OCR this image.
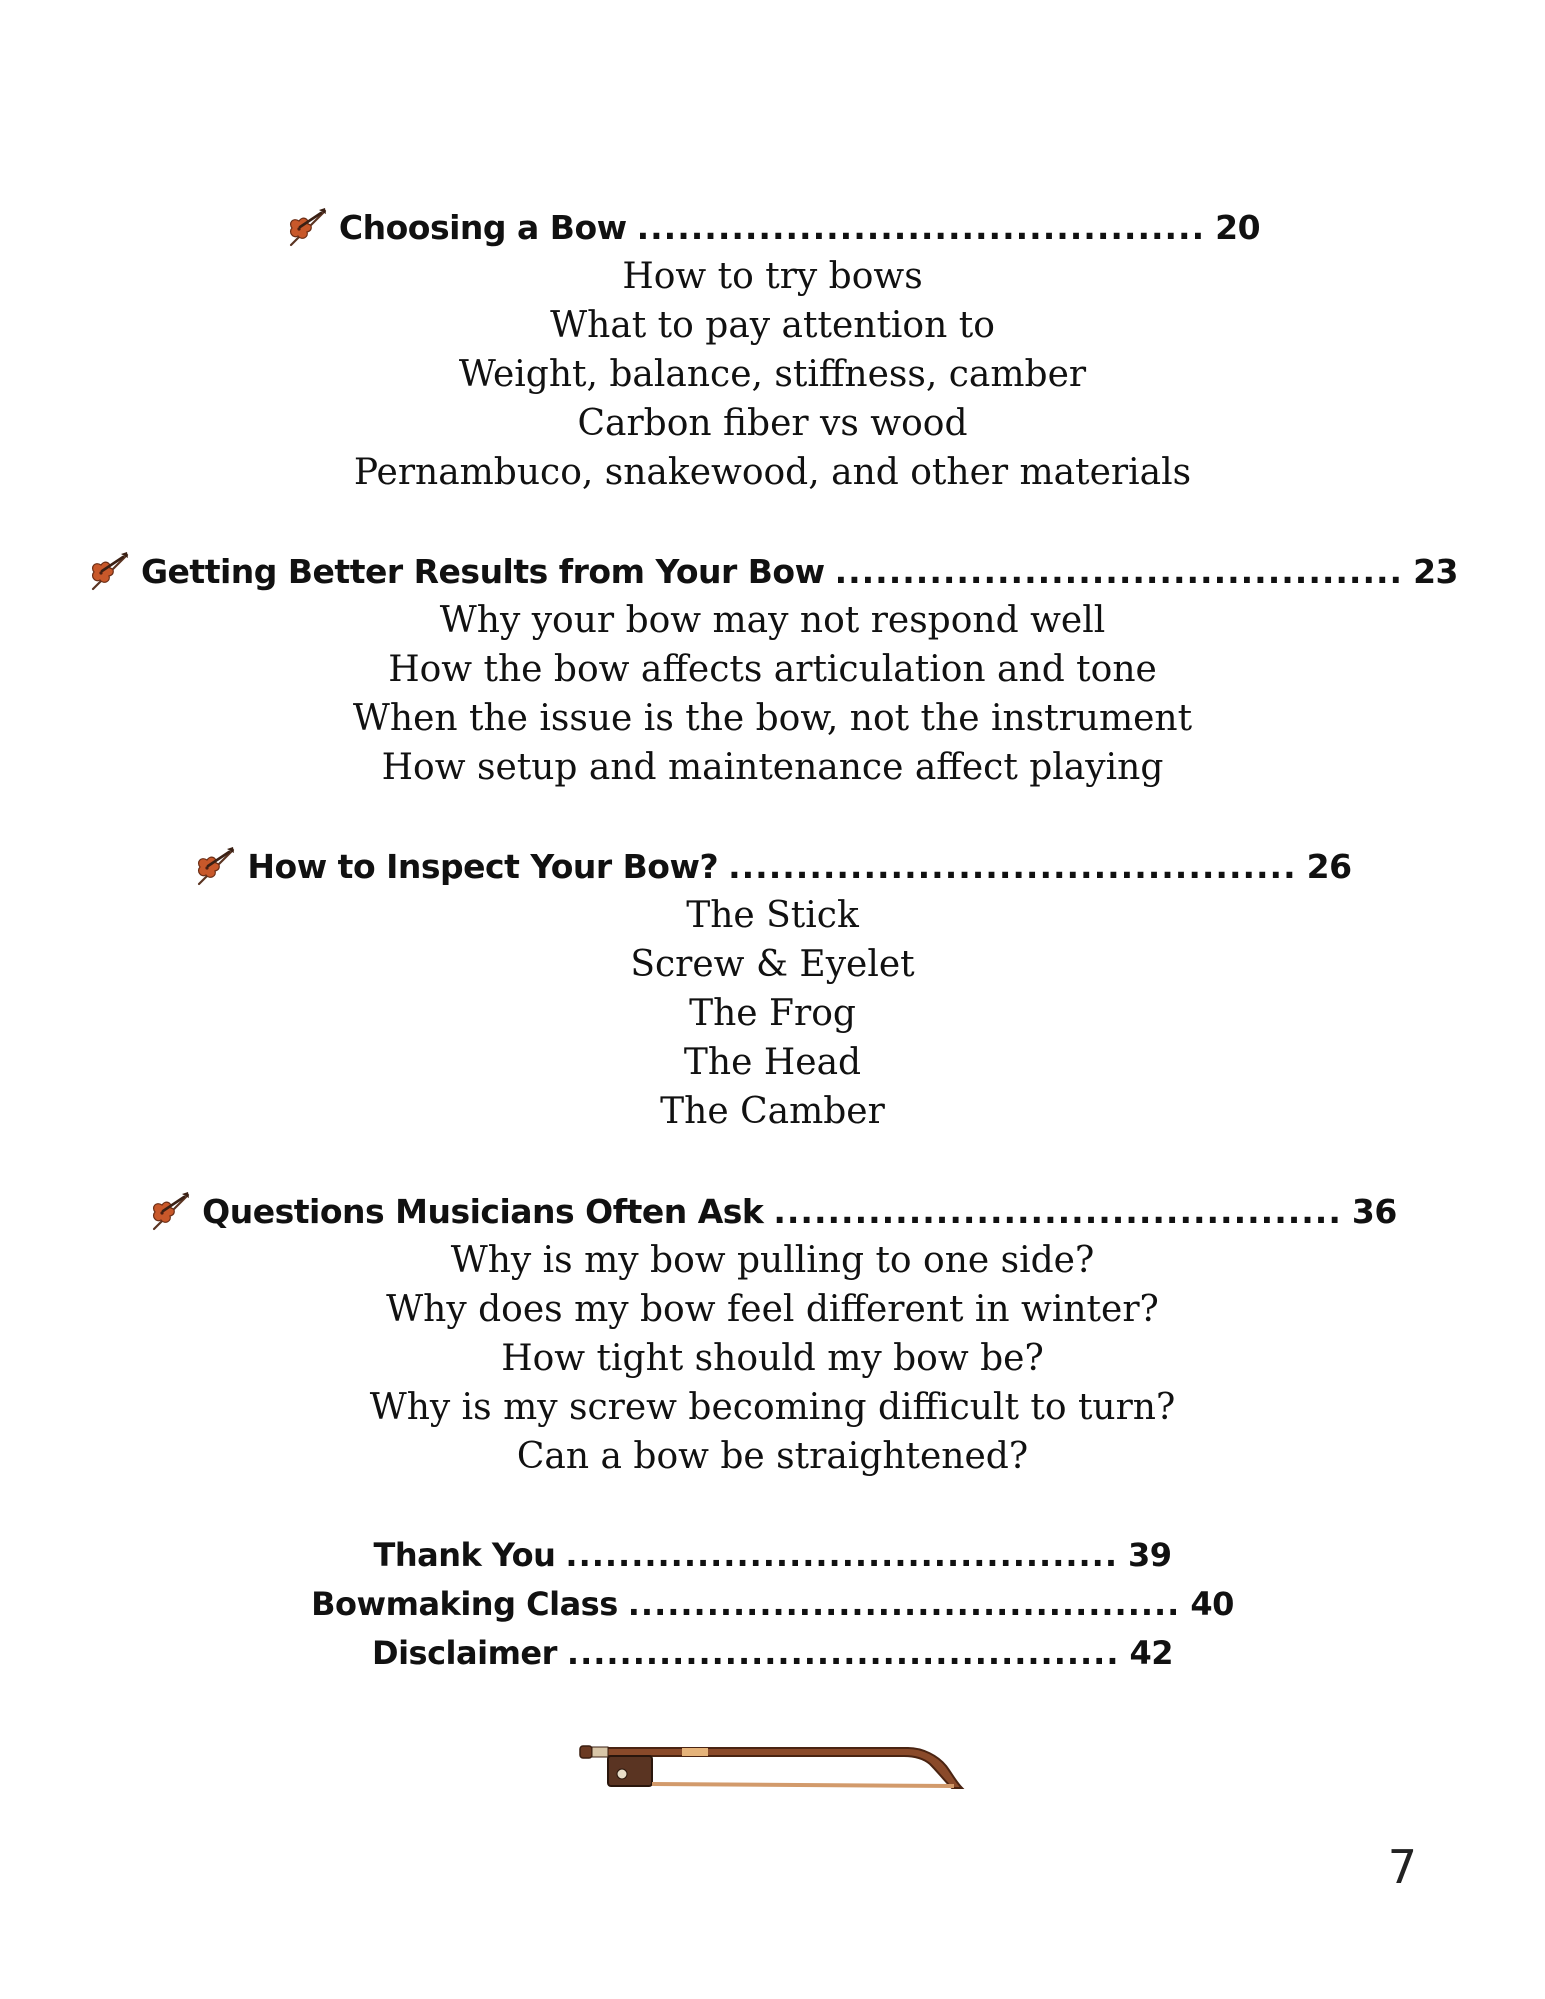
Choosing a Bow .......................................... 20
How to try bows
What to pay attention to
Weight, balance, stiffness, camber
Carbon fiber vs wood
Pernambuco, snakewood, and other materials
Getting Better Results from Your Bow .......................................... 23
Why your bow may not respond well
How the bow affects articulation and tone
When the issue is the bow, not the instrument
How setup and maintenance affect playing
How to Inspect Your Bow? .......................................... 26
The Stick
Screw & Eyelet
The Frog
The Head
The Camber
Questions Musicians Often Ask .......................................... 36
Why is my bow pulling to one side?
Why does my bow feel different in winter?
How tight should my bow be?
Why is my screw becoming difficult to turn?
Can a bow be straightened?
Thank You .......................................... 39
Bowmaking Class .......................................... 40
Disclaimer .......................................... 42
7
